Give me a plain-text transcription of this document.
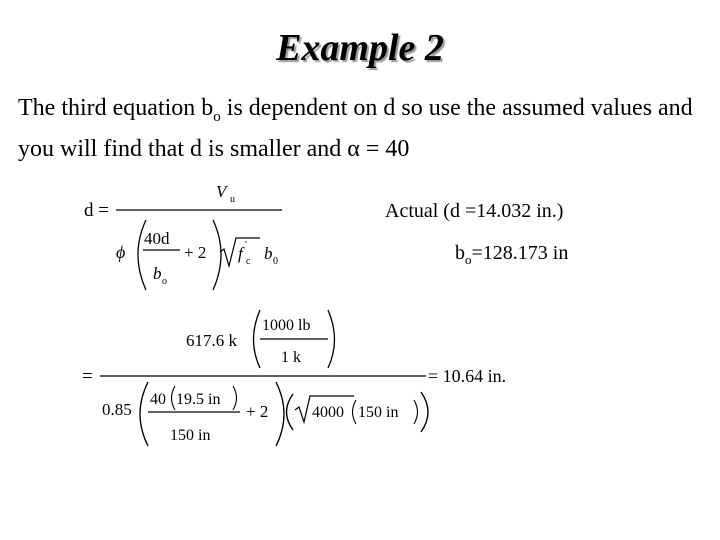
Example 2
The third equation $b_o$ is dependent on d so use the assumed values and you will find that d is smaller and α = 40
Actual (d =14.032 in.)
$b_o=128.173$ in
d =
V u
ϕ
40d
b o
+ 2 f ′
c b 0
=
617.6 k
1000 lb
1 k
0.85
40 19.5 in
150 in
+ 2	4000 150 in
= 10.64 in.
